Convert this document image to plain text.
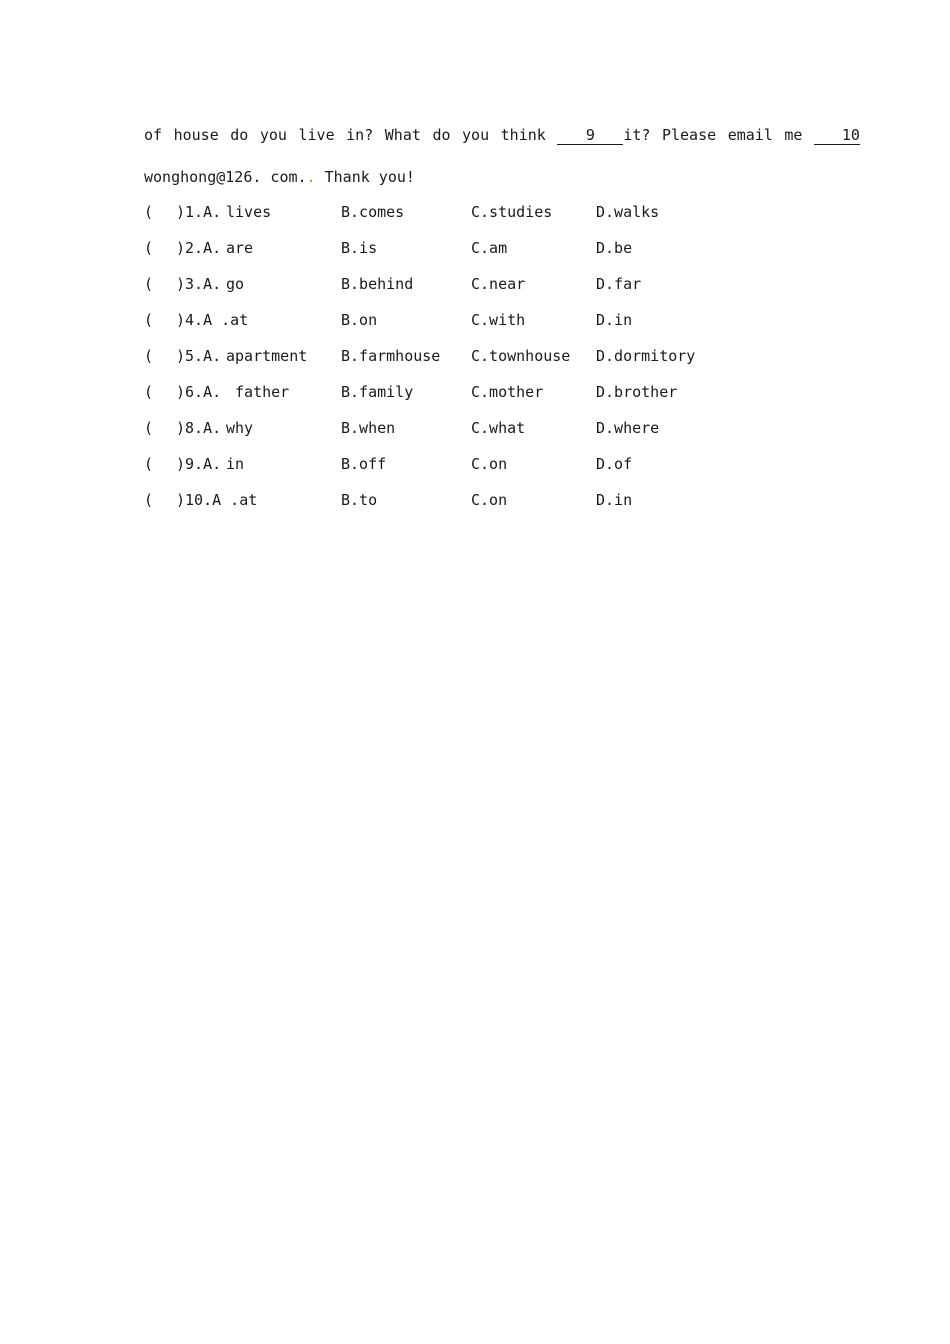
of house do you live in? What do you think	9 it? Please email me	10
wonghong@126. com.. Thank you!
( )1.A. lives	B.comes	C.studies	D.walks
( )2.A. are	B.is	C.am	D.be
( )3.A. go	B.behind	C.near	D.far
( )4.A .at	B.on	C.with	D.in
( )5.A. apartment B.farmhouse C.townhouse D.dormitory
( )6.A. father	B.family	C.mother	D.brother
( )8.A. why	B.when	C.what	D.where
( )9.A. in	B.off	C.on	D.of
( )10.A .at	B.to	C.on	D.in
